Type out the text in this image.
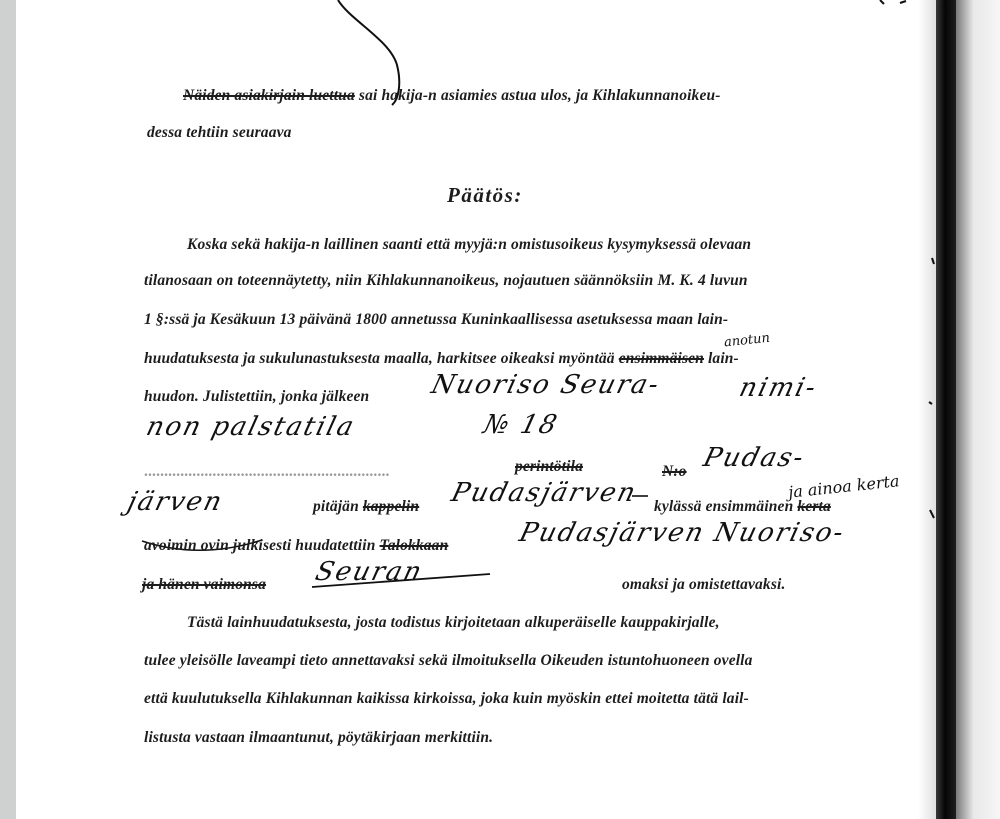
Näiden asiakirjain luettua sai hakija-n asiamies astua ulos, ja Kihlakunnanoikeu-
dessa tehtiin seuraava
Päätös:
Koska sekä hakija-n laillinen saanti että myyjä:n omistusoikeus kysymyksessä olevaan
tilanosaan on toteennäytetty, niin Kihlakunnanoikeus, nojautuen säännöksiin M. K. 4 luvun
1 §:ssä ja Kesäkuun 13 päivänä 1800 annetussa Kuninkaallisessa asetuksessa maan lain-
huudatuksesta ja sukulunastuksesta maalla, harkitsee oikeaksi myöntää ensimmäisen lain-
anotun
huudon. Julistettiin, jonka jälkeen Nuoriso Seura-	nimi-
non palstatila	№ 18
.............................................................	perintötila	N:o Pudas-
järven	pitäjän kappelin Pudasjärven kylässä ensimmäinen kerta
ja ainoa kerta
avoimin ovin julkisesti huudatettiin Talokkaan	Pudasjärven Nuoriso-
ja hänen vaimonsa Seuran	omaksi ja omistettavaksi.
Tästä lainhuudatuksesta, josta todistus kirjoitetaan alkuperäiselle kauppakirjalle,
tulee yleisölle laveampi tieto annettavaksi sekä ilmoituksella Oikeuden istuntohuoneen ovella
että kuulutuksella Kihlakunnan kaikissa kirkoissa, joka kuin myöskin ettei moitetta tätä lail-
listusta vastaan ilmaantunut, pöytäkirjaan merkittiin.
